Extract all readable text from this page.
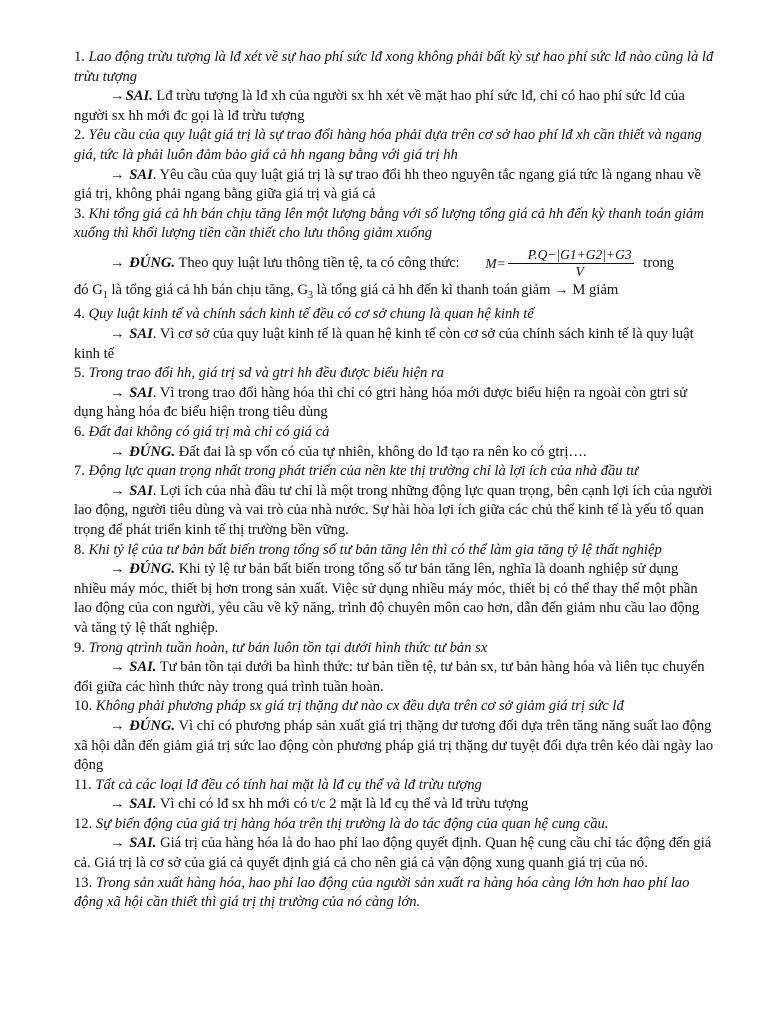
1. Lao động trừu tượng là lđ xét về sự hao phí sức lđ xong không phải bất kỳ sự hao phí sức lđ nào cũng là lđ trừu tượng

→SAI. Lđ trừu tượng là lđ xh của người sx hh xét về mặt hao phí sức lđ, chỉ có hao phí sức lđ của người sx hh mới đc gọi là lđ trừu tượng

2. Yêu cầu của quy luật giá trị là sự trao đổi hàng hóa phải dựa trên cơ sở hao phí lđ xh cần thiết và ngang giá, tức là phải luôn đảm bảo giá cả hh ngang bằng với giá trị hh

→ SAI. Yêu cầu của quy luật giá trị là sự trao đổi hh theo nguyên tắc ngang giá tức là ngang nhau về giá trị, không phải ngang bằng giữa giá trị và giá cả

3. Khi tổng giá cả hh bán chịu tăng lên một lượng bằng với số lượng tổng giá cả hh đến kỳ thanh toán giảm xuống thì khối lượng tiền cần thiết cho lưu thông giảm xuống

→ ĐÚNG. Theo quy luật lưu thông tiền tệ, ta có công thức:	$M= \frac{P.Q-|G1+G2|+G3}{V}$ trong

đó $G_1$ là tổng giá cả hh bán chịu tăng, $G_3$ là tổng giá cả hh đến kì thanh toán giảm → M giảm

4. Quy luật kinh tế và chính sách kinh tế đều có cơ sở chung là quan hệ kinh tế

→ SAI. Vì cơ sở của quy luật kinh tế là quan hệ kinh tế còn cơ sở của chính sách kinh tế là quy luật kinh tế

5. Trong trao đổi hh, giá trị sd và gtri hh đều được biểu hiện ra

→ SAI. Vì trong trao đổi hàng hóa thì chỉ có gtri hàng hóa mới được biểu hiện ra ngoài còn gtri sử dụng hàng hóa đc biểu hiện trong tiêu dùng

6. Đất đai không có giá trị mà chỉ có giá cả

→ ĐÚNG. Đất đai là sp vốn có của tự nhiên, không do lđ tạo ra nên ko có gtrị….

7. Động lực quan trọng nhất trong phát triển của nền kte thị trường chỉ là lợi ích của nhà đầu tư

→ SAI. Lợi ích của nhà đầu tư chỉ là một trong những động lực quan trọng, bên cạnh lợi ích của người lao động, người tiêu dùng và vai trò của nhà nước. Sự hài hòa lợi ích giữa các chủ thể kinh tế là yếu tố quan trọng để phát triển kinh tế thị trường bền vững.

8. Khi tỷ lệ của tư bản bất biến trong tổng số tư bản tăng lên thì có thể làm gia tăng tỷ lệ thất nghiệp

→ ĐÚNG. Khi tỷ lệ tư bản bất biến trong tổng số tư bản tăng lên, nghĩa là doanh nghiệp sử dụng nhiều máy móc, thiết bị hơn trong sản xuất. Việc sử dụng nhiều máy móc, thiết bị có thể thay thế một phần lao động của con người, yêu cầu về kỹ năng, trình độ chuyên môn cao hơn, dẫn đến giảm nhu cầu lao động và tăng tỷ lệ thất nghiệp.

9. Trong qtrình tuần hoàn, tư bản luôn tồn tại dưới hình thức tư bản sx

→ SAI. Tư bản tồn tại dưới ba hình thức: tư bản tiền tệ, tư bản sx, tư bản hàng hóa và liên tục chuyển đổi giữa các hình thức này trong quá trình tuần hoàn.

10. Không phải phương pháp sx giá trị thặng dư nào cx đều dựa trên cơ sở giảm giá trị sức lđ

→ ĐÚNG. Vì chỉ có phương pháp sản xuất giá trị thặng dư tương đối dựa trên tăng năng suất lao động xã hội dẫn đến giảm giá trị sức lao động còn phương pháp giá trị thặng dư tuyệt đối dựa trên kéo dài ngày lao động

11. Tất cả các loại lđ đều có tính hai mặt là lđ cụ thể và lđ trừu tượng

→ SAI. Vì chỉ có lđ sx hh mới có t/c 2 mặt là lđ cụ thể và lđ trừu tượng

12. Sự biến động của giá trị hàng hóa trên thị trường là do tác động của quan hệ cung cầu.

→ SAI. Giá trị của hàng hóa là do hao phí lao động quyết định. Quan hệ cung cầu chỉ tác động đến giá cả. Giá trị là cơ sở của giá cả quyết định giá cả cho nên giá cả vận động xung quanh giá trị của nó.

13. Trong sản xuất hàng hóa, hao phí lao động của người sản xuất ra hàng hóa càng lớn hơn hao phí lao động xã hội cần thiết thì giá trị thị trường của nó càng lớn.
